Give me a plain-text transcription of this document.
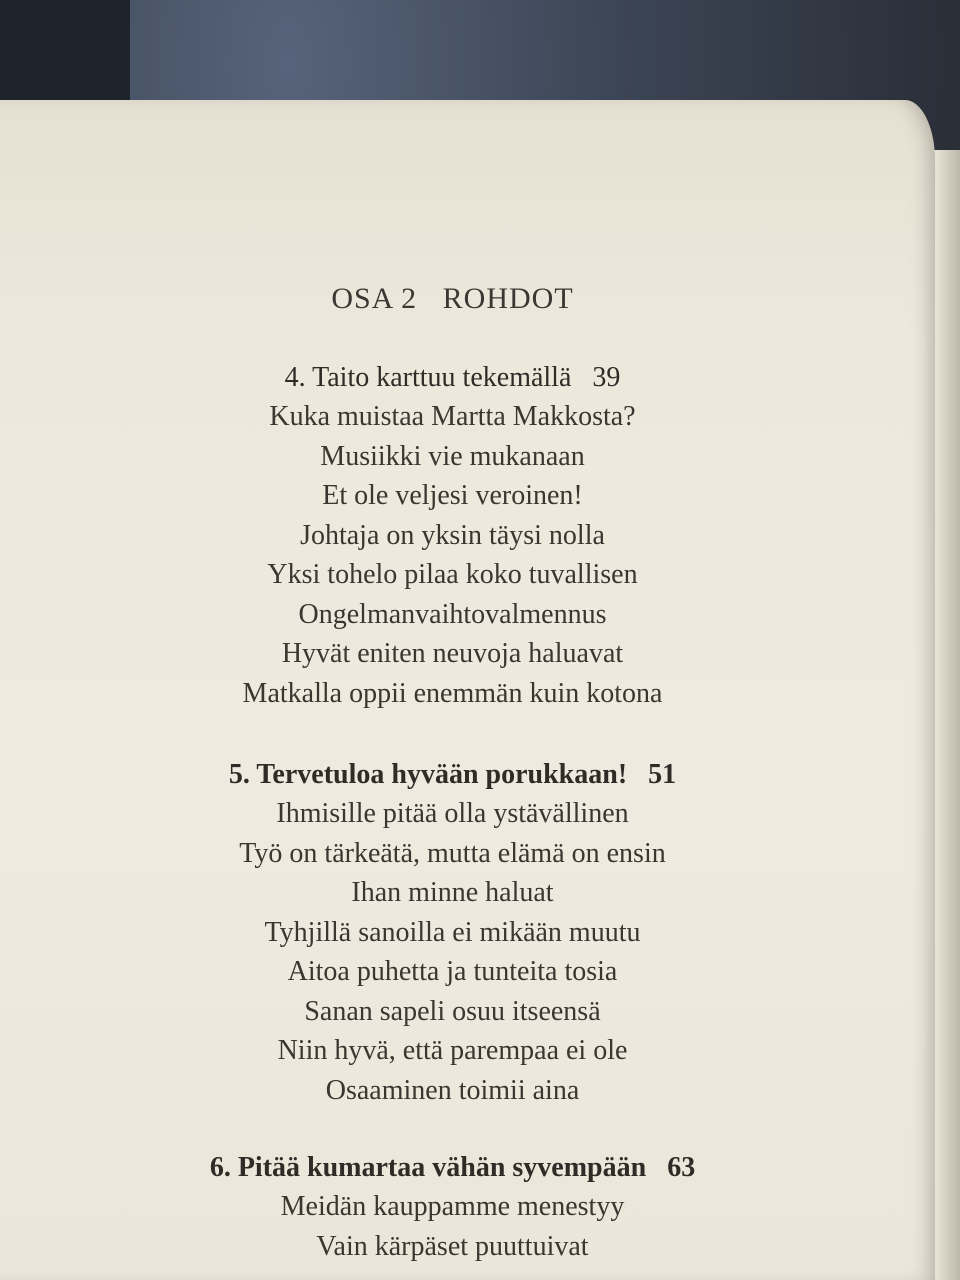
OSA 2   ROHDOT
4. Taito karttuu tekemällä 39
Kuka muistaa Martta Makkosta?
Musiikki vie mukanaan
Et ole veljesi veroinen!
Johtaja on yksin täysi nolla
Yksi tohelo pilaa koko tuvallisen
Ongelmanvaihtovalmennus
Hyvät eniten neuvoja haluavat
Matkalla oppii enemmän kuin kotona
5. Tervetuloa hyvään porukkaan! 51
Ihmisille pitää olla ystävällinen
Työ on tärkeätä, mutta elämä on ensin
Ihan minne haluat
Tyhjillä sanoilla ei mikään muutu
Aitoa puhetta ja tunteita tosia
Sanan sapeli osuu itseensä
Niin hyvä, että parempaa ei ole
Osaaminen toimii aina
6. Pitää kumartaa vähän syvempään 63
Meidän kauppamme menestyy
Vain kärpäset puuttuivat
